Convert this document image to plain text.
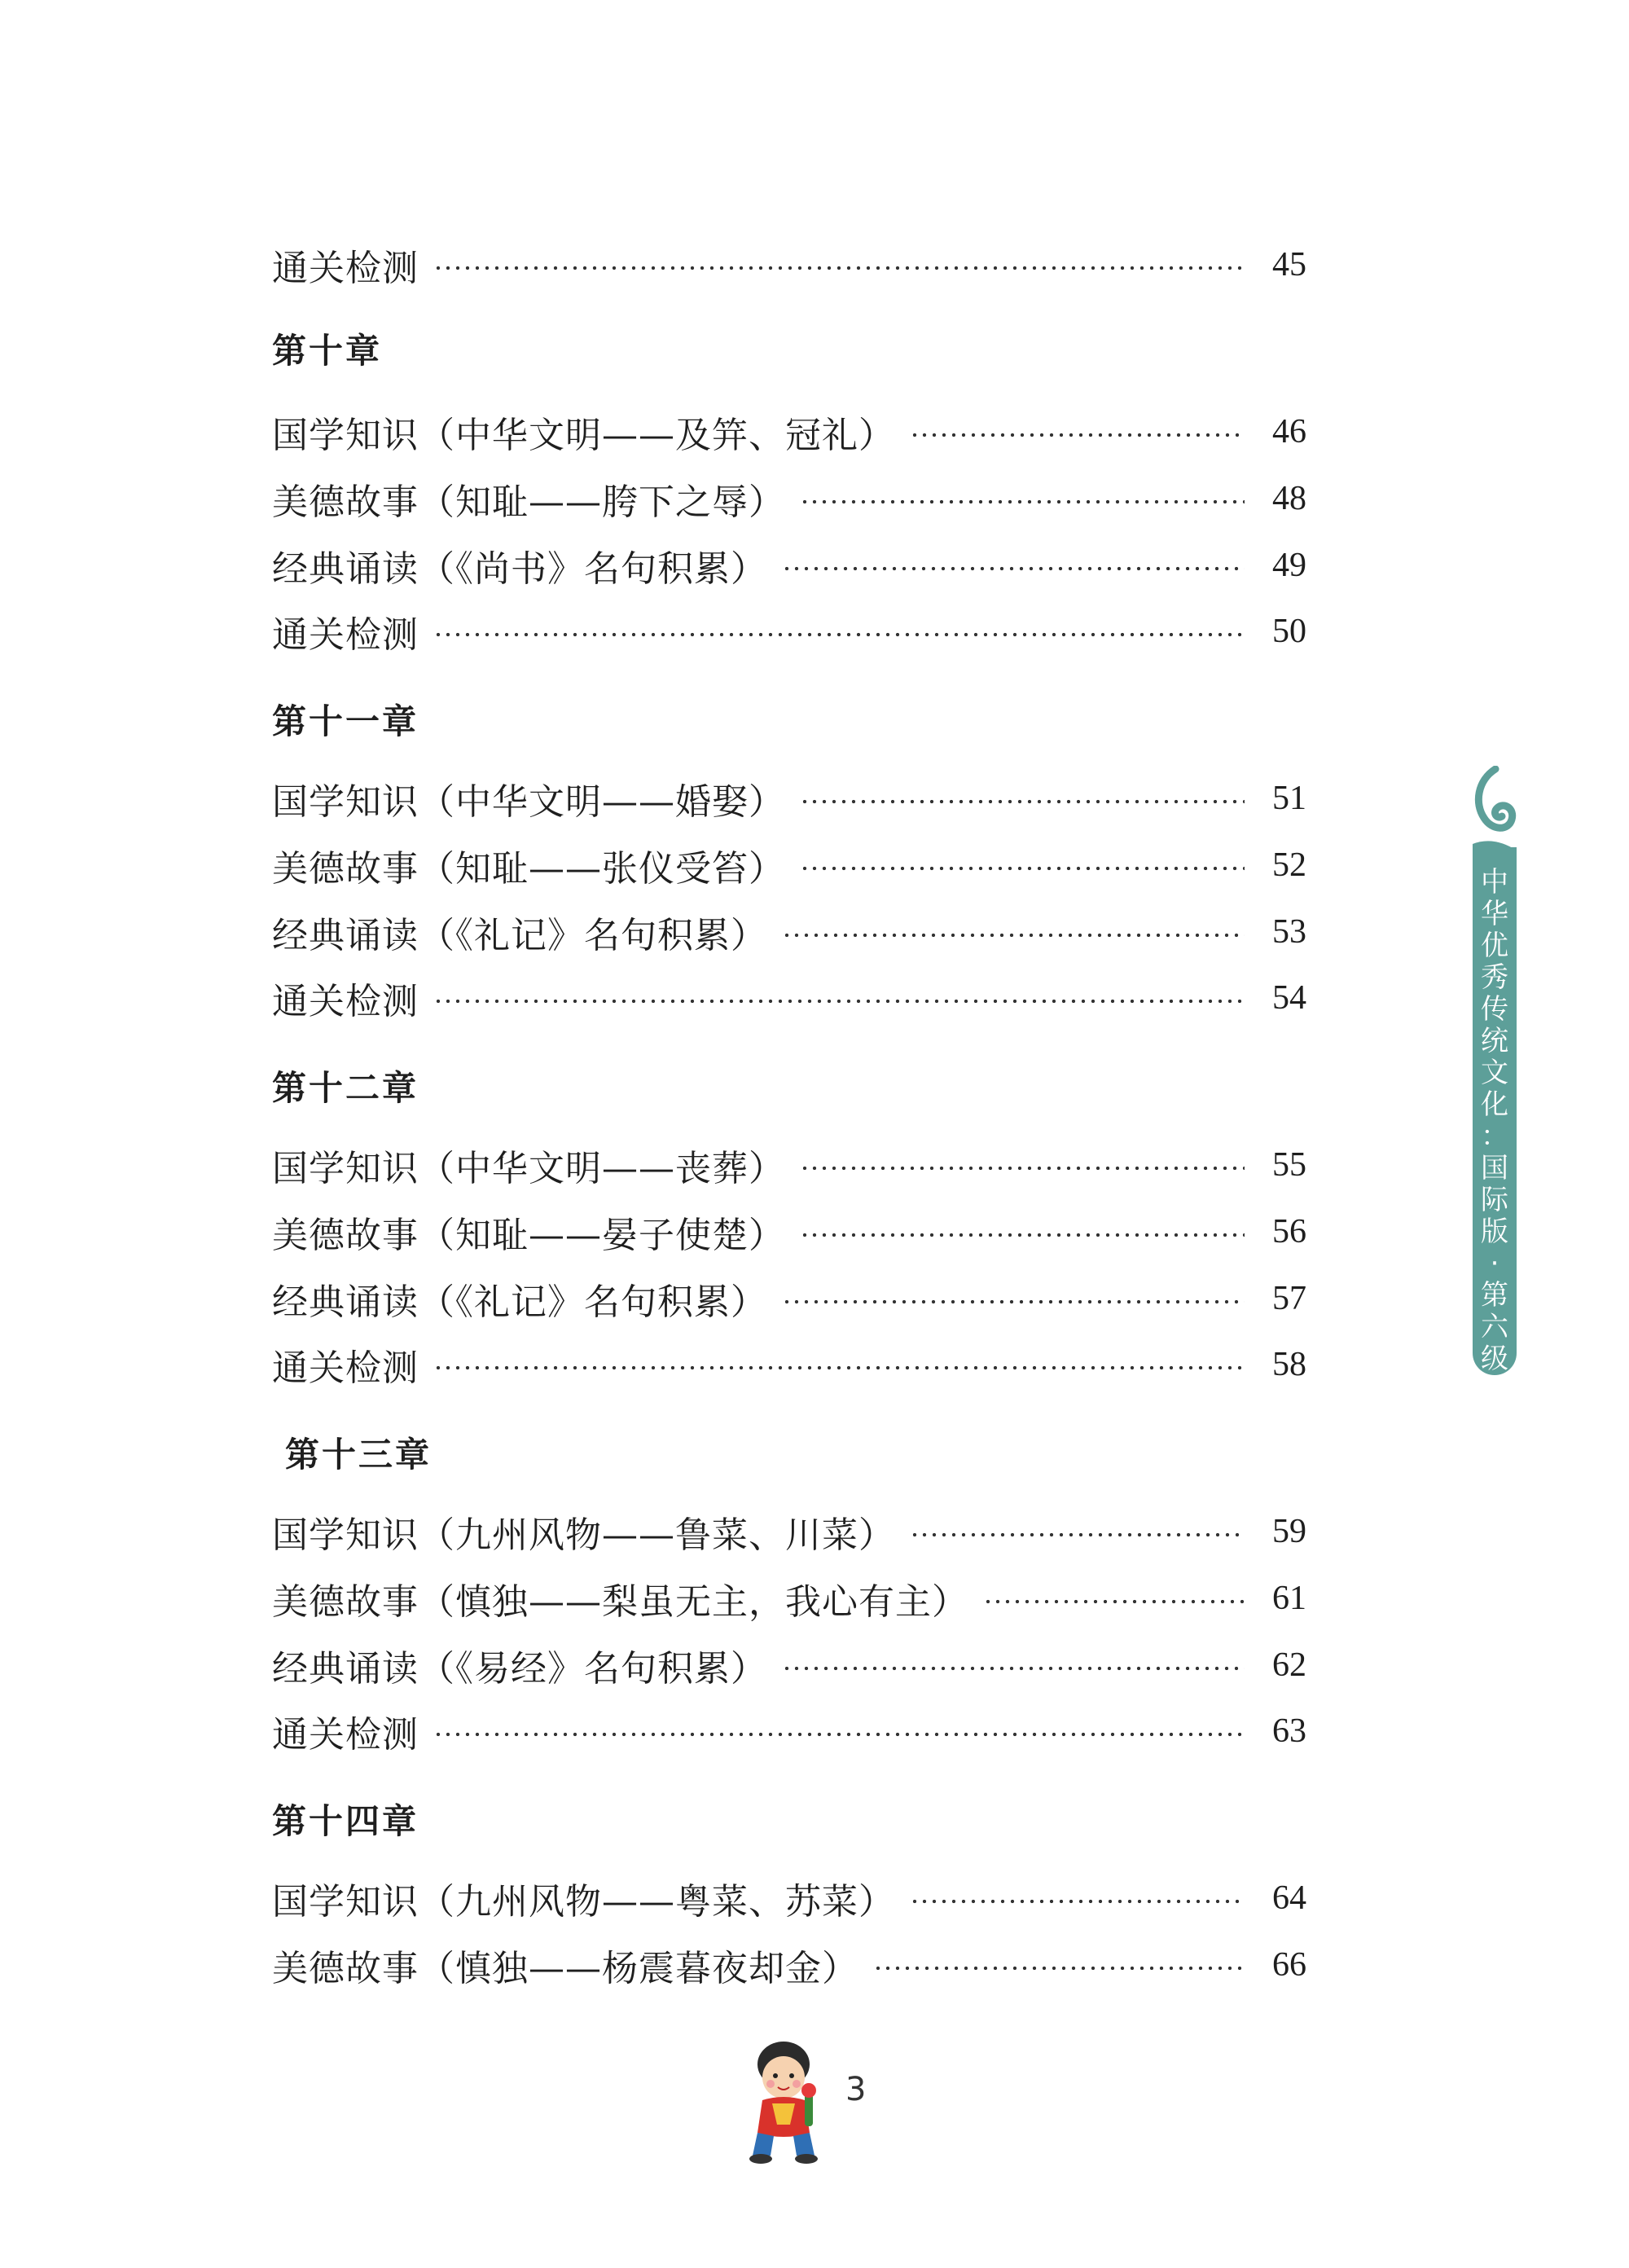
通关检测	45
第十章
国学知识（中华文明——及笄、冠礼）	46
美德故事（知耻——胯下之辱）	48
经典诵读（《尚书》名句积累）	49
通关检测	50
第十一章
国学知识（中华文明——婚娶）	51
美德故事（知耻——张仪受笞）	52
经典诵读（《礼记》名句积累）	53
通关检测	54
第十二章
国学知识（中华文明——丧葬）	55
美德故事（知耻——晏子使楚）	56
经典诵读（《礼记》名句积累）	57
通关检测	58
第十三章
国学知识（九州风物——鲁菜、川菜）	59
美德故事（慎独——梨虽无主，我心有主）	61
经典诵读（《易经》名句积累）	62
通关检测	63
第十四章
国学知识（九州风物——粤菜、苏菜）	64
美德故事（慎独——杨震暮夜却金）	66
中
华
优
秀
传
统
文
化
：
国
际
版
·
第
六
级
3
